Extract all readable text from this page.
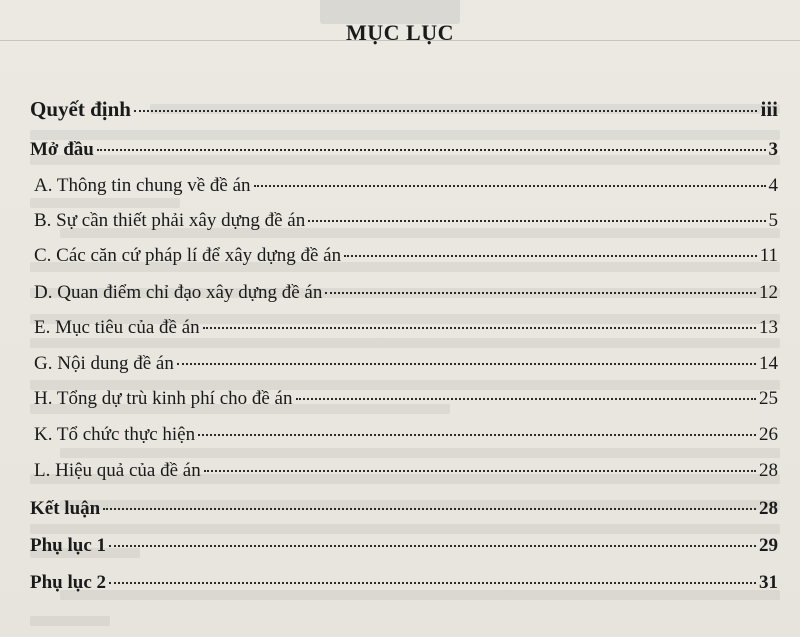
MỤC LỤC
Quyết định	iii
Mở đầu	3
A. Thông tin chung về đề án	4
B. Sự cần thiết phải xây dựng đề án	5
C. Các căn cứ pháp lí để xây dựng đề án	11
D. Quan điểm chỉ đạo xây dựng đề án	12
E. Mục tiêu của đề án	13
G. Nội dung đề án	14
H. Tổng dự trù kinh phí cho đề án	25
K. Tổ chức thực hiện	26
L. Hiệu quả của đề án	28
Kết luận	28
Phụ lục 1	29
Phụ lục 2	31
